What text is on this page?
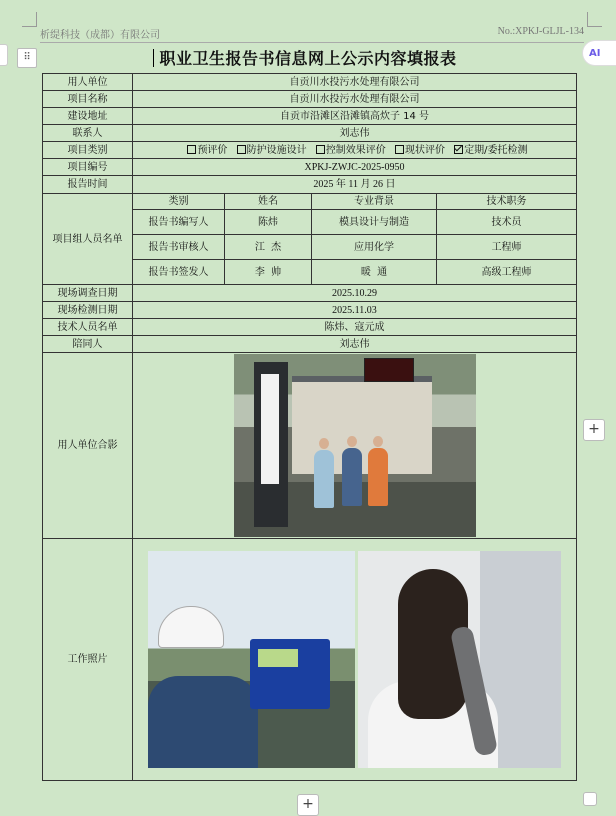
析缇科技（成都）有限公司	No.:XPKJ-GLJL-134
⠿	AI
职业卫生报告书信息网上公示内容填报表
用人单位	自贡川水投污水处理有限公司			
项目名称	自贡川水投污水处理有限公司			
建设地址	自贡市沿滩区沿滩镇高炊子 14 号			
联系人	刘志伟			
项目类别	预评价 防护设施设计 控制效果评价 现状评价 定期/委托检测			
项目编号	XPKJ-ZWJC-2025-0950			
报告时间	2025 年 11 月 26 日			
项目组人员名单	类别	姓名	专业背景	技术职务
	报告书编写人	陈炜	模具设计与制造	技术员
	报告书审核人	江  杰	应用化学	工程师
	报告书签发人	李  帅	暖  通	高级工程师
现场调查日期	2025.10.29			
现场检测日期	2025.11.03			
技术人员名单	陈炜、寇元成			
陪同人	刘志伟			
用人单位合影				

工作照片				
+
+
